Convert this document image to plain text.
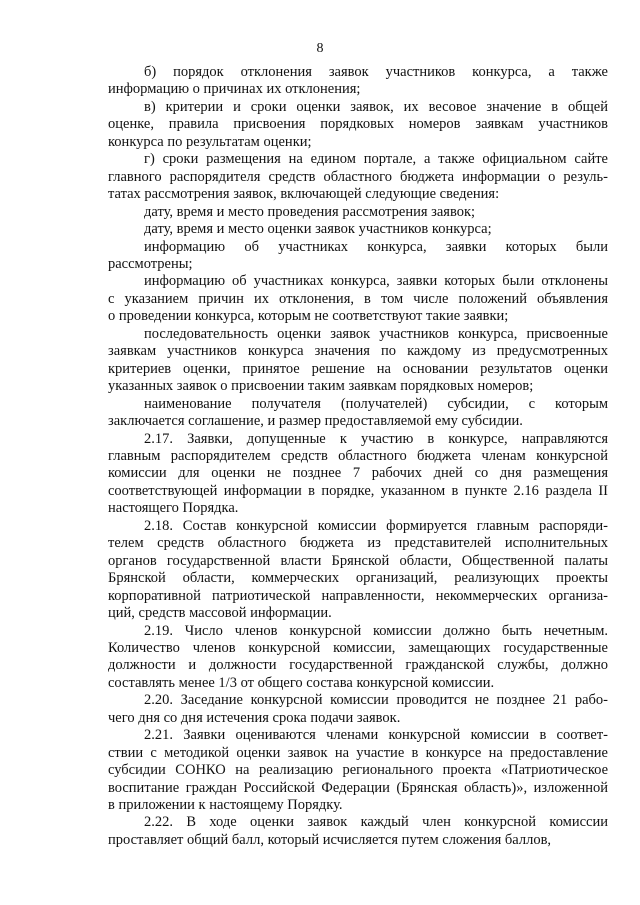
8
б) порядок отклонения заявок участников конкурса, а также
информацию о причинах их отклонения;
в) критерии и сроки оценки заявок, их весовое значение в общей
оценке, правила присвоения порядковых номеров заявкам участников
конкурса по результатам оценки;
г) сроки размещения на едином портале, а также официальном сайте
главного распорядителя средств областного бюджета информации о резуль-
татах рассмотрения заявок, включающей следующие сведения:
дату, время и место проведения рассмотрения заявок;
дату, время и место оценки заявок участников конкурса;
информацию об участниках конкурса, заявки которых были
рассмотрены;
информацию об участниках конкурса, заявки которых были отклонены
с указанием причин их отклонения, в том числе положений объявления
о проведении конкурса, которым не соответствуют такие заявки;
последовательность оценки заявок участников конкурса, присвоенные
заявкам участников конкурса значения по каждому из предусмотренных
критериев оценки, принятое решение на основании результатов оценки
указанных заявок о присвоении таким заявкам порядковых номеров;
наименование получателя (получателей) субсидии, с которым
заключается соглашение, и размер предоставляемой ему субсидии.
2.17. Заявки, допущенные к участию в конкурсе, направляются
главным распорядителем средств областного бюджета членам конкурсной
комиссии для оценки не позднее 7 рабочих дней со дня размещения
соответствующей информации в порядке, указанном в пункте 2.16 раздела II
настоящего Порядка.
2.18. Состав конкурсной комиссии формируется главным распоряди-
телем средств областного бюджета из представителей исполнительных
органов государственной власти Брянской области, Общественной палаты
Брянской области, коммерческих организаций, реализующих проекты
корпоративной патриотической направленности, некоммерческих организа-
ций, средств массовой информации.
2.19. Число членов конкурсной комиссии должно быть нечетным.
Количество членов конкурсной комиссии, замещающих государственные
должности и должности государственной гражданской службы, должно
составлять менее 1/3 от общего состава конкурсной комиссии.
2.20. Заседание конкурсной комиссии проводится не позднее 21 рабо-
чего дня со дня истечения срока подачи заявок.
2.21. Заявки оцениваются членами конкурсной комиссии в соответ-
ствии с методикой оценки заявок на участие в конкурсе на предоставление
субсидии СОНКО на реализацию регионального проекта «Патриотическое
воспитание граждан Российской Федерации (Брянская область)», изложенной
в приложении к настоящему Порядку.
2.22. В ходе оценки заявок каждый член конкурсной комиссии
проставляет общий балл, который исчисляется путем сложения баллов,
